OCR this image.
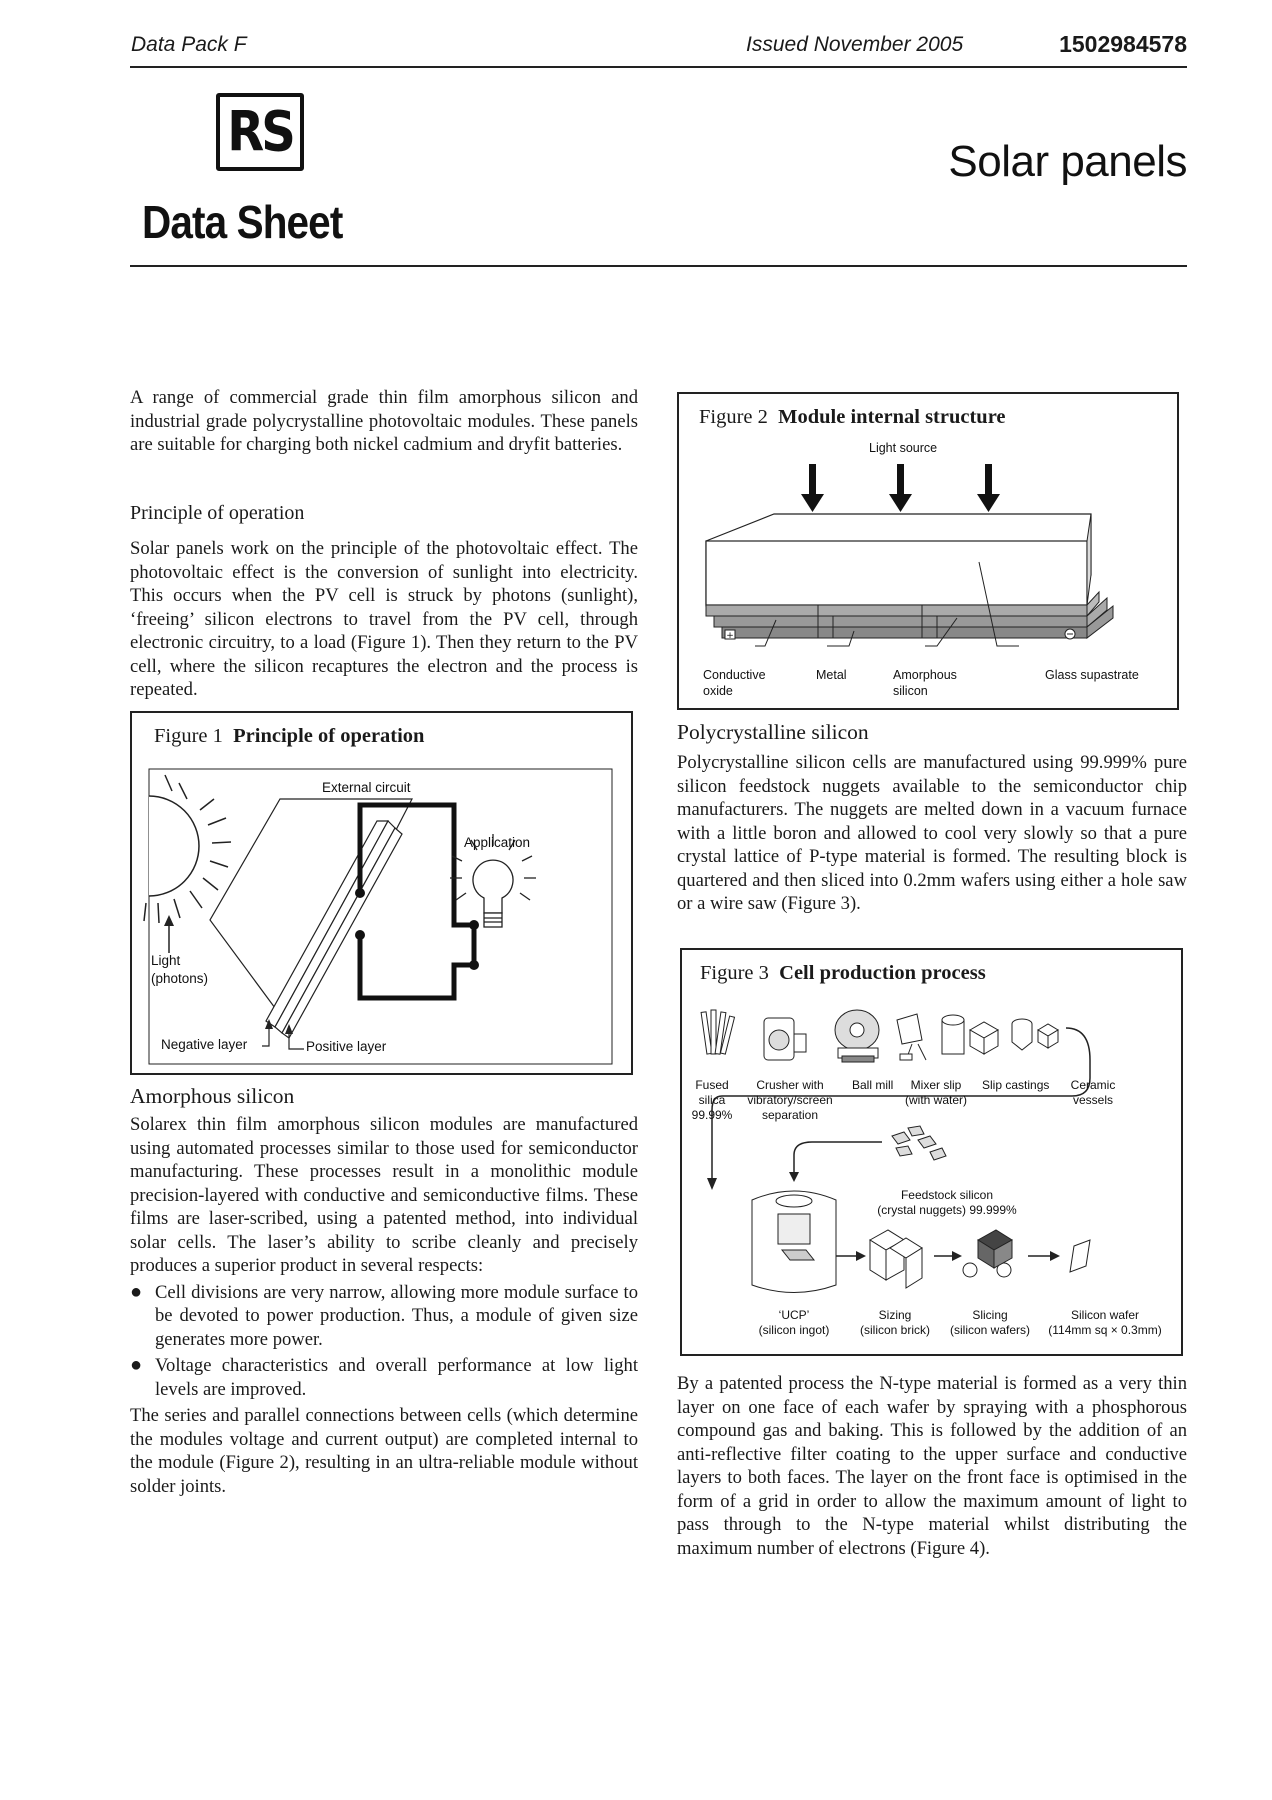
Data Pack F	Issued November 2005	1502984578
RS
Data Sheet
Solar panels

A range of commercial grade thin film amorphous silicon and industrial grade polycrystalline photovoltaic modules. These panels are suitable for charging both nickel cadmium and dryfit batteries.

Principle of operation

Solar panels work on the principle of the photovoltaic effect. The photovoltaic effect is the conversion of sunlight into electricity. This occurs when the PV cell is struck by photons (sunlight), ‘freeing’ silicon electrons to travel from the PV cell, through electronic circuitry, to a load (Figure 1). Then they return to the PV cell, where the silicon recaptures the electron and the process is repeated.

Figure 1 Principle of operation
External circuit
Application
Light
(photons)
Negative layer	Positive layer
Amorphous silicon

Solarex thin film amorphous silicon modules are manufactured using automated processes similar to those used for semiconductor manufacturing. These processes result in a monolithic module precision-layered with conductive and semiconductive films. These films are laser-scribed, using a patented method, into individual solar cells. The laser’s ability to scribe cleanly and precisely produces a superior product in several respects:

● Cell divisions are very narrow, allowing more module surface to be devoted to power production. Thus, a module of given size generates more power.
● Voltage characteristics and overall performance at low light levels are improved.

The series and parallel connections between cells (which determine the modules voltage and current output) are completed internal to the module (Figure 2), resulting in an ultra-reliable module without solder joints.

Figure 2 Module internal structure
+
Light source
Conductive
oxide
Metal	Amorphous
silicon
Glass supastrate
Polycrystalline silicon

Polycrystalline silicon cells are manufactured using 99.999% pure silicon feedstock nuggets available to the semiconductor chip manufacturers. The nuggets are melted down in a vacuum furnace with a little boron and allowed to cool very slowly so that a pure crystal lattice of P-type material is formed. The resulting block is quartered and then sliced into 0.2mm wafers using either a hole saw or a wire saw (Figure 3).

Figure 3 Cell production process
Fused
silica
99.99%
Crusher with
vibratory/screen
separation
Ball mill	Mixer slip
(with water)
Slip castings	Ceramic
vessels
Feedstock silicon
(crystal nuggets) 99.999%
‘UCP’
(silicon ingot)
Sizing
(silicon brick)
Slicing
(silicon wafers)
Silicon wafer
(114mm sq × 0.3mm)

By a patented process the N-type material is formed as a very thin layer on one face of each wafer by spraying with a phosphorous compound gas and baking. This is followed by the addition of an anti-reflective filter coating to the upper surface and conductive layers to both faces. The layer on the front face is optimised in the form of a grid in order to allow the maximum amount of light to pass through to the N-type material whilst distributing the maximum number of electrons (Figure 4).
